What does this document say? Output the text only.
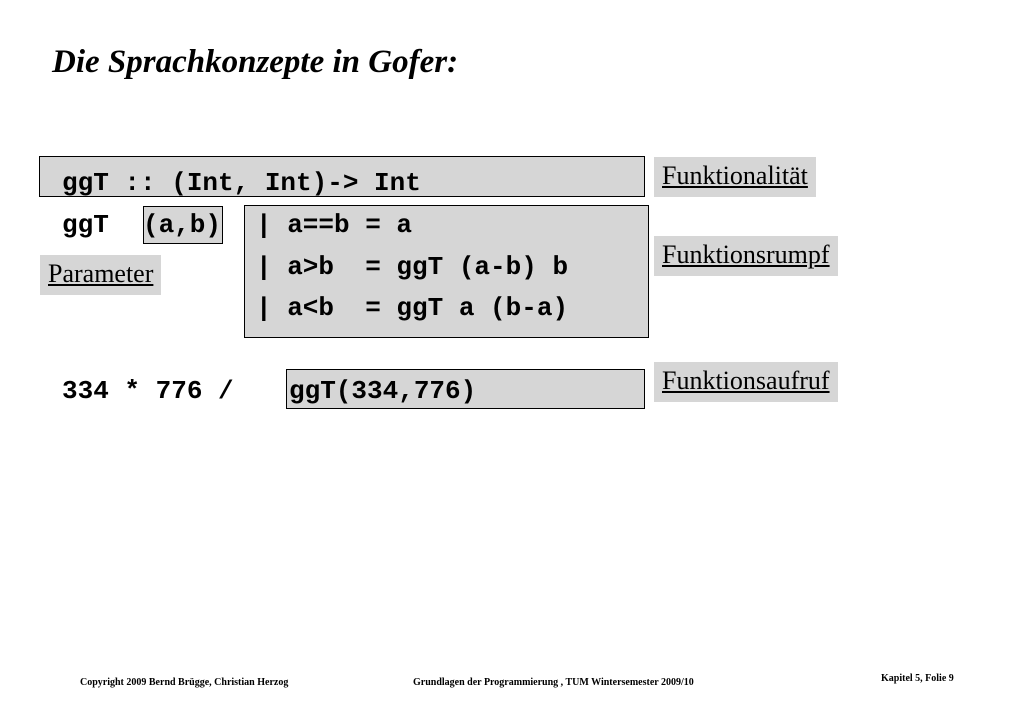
Die Sprachkonzepte in Gofer:
ggT :: (Int, Int)-> Int
ggT (a,b) | a==b = a
| a>b  = ggT (a-b) b
| a<b  = ggT a (b-a)
334 * 776 / ggT(334,776)
Funktionalität
Funktionsrumpf
Parameter
Funktionsaufruf
Copyright 2009 Bernd Brügge, Christian Herzog	Grundlagen der Programmierung , TUM Wintersemester 2009/10	Kapitel 5, Folie 9
